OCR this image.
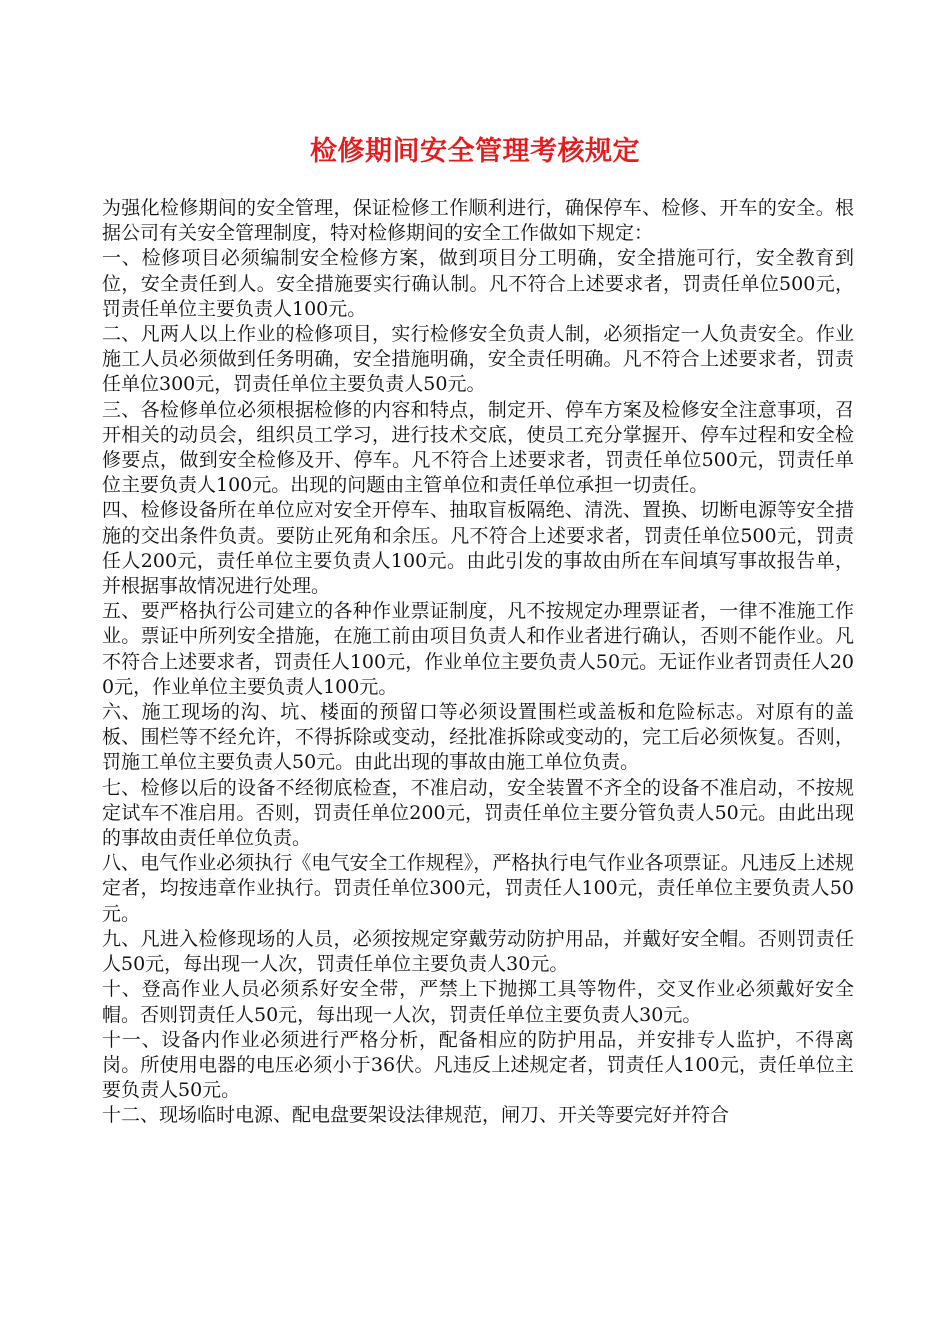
检修期间安全管理考核规定

为强化检修期间的安全管理，保证检修工作顺利进行，确保停车、检修、开车的安全。根据公司有关安全管理制度，特对检修期间的安全工作做如下规定：

一、检修项目必须编制安全检修方案，做到项目分工明确，安全措施可行，安全教育到位，安全责任到人。安全措施要实行确认制。凡不符合上述要求者，罚责任单位500元，罚责任单位主要负责人100元。

二、凡两人以上作业的检修项目，实行检修安全负责人制，必须指定一人负责安全。作业施工人员必须做到任务明确，安全措施明确，安全责任明确。凡不符合上述要求者，罚责任单位300元，罚责任单位主要负责人50元。

三、各检修单位必须根据检修的内容和特点，制定开、停车方案及检修安全注意事项，召开相关的动员会，组织员工学习，进行技术交底，使员工充分掌握开、停车过程和安全检修要点，做到安全检修及开、停车。凡不符合上述要求者，罚责任单位500元，罚责任单位主要负责人100元。出现的问题由主管单位和责任单位承担一切责任。

四、检修设备所在单位应对安全开停车、抽取盲板隔绝、清洗、置换、切断电源等安全措施的交出条件负责。要防止死角和余压。凡不符合上述要求者，罚责任单位500元，罚责任人200元，责任单位主要负责人100元。由此引发的事故由所在车间填写事故报告单，并根据事故情况进行处理。

五、要严格执行公司建立的各种作业票证制度，凡不按规定办理票证者，一律不准施工作业。票证中所列安全措施，在施工前由项目负责人和作业者进行确认，否则不能作业。凡不符合上述要求者，罚责任人100元，作业单位主要负责人50元。无证作业者罚责任人200元，作业单位主要负责人100元。

六、施工现场的沟、坑、楼面的预留口等必须设置围栏或盖板和危险标志。对原有的盖板、围栏等不经允许，不得拆除或变动，经批准拆除或变动的，完工后必须恢复。否则，罚施工单位主要负责人50元。由此出现的事故由施工单位负责。

七、检修以后的设备不经彻底检查，不准启动，安全装置不齐全的设备不准启动，不按规定试车不准启用。否则，罚责任单位200元，罚责任单位主要分管负责人50元。由此出现的事故由责任单位负责。

八、电气作业必须执行《电气安全工作规程》，严格执行电气作业各项票证。凡违反上述规定者，均按违章作业执行。罚责任单位300元，罚责任人100元，责任单位主要负责人50元。

九、凡进入检修现场的人员，必须按规定穿戴劳动防护用品，并戴好安全帽。否则罚责任人50元，每出现一人次，罚责任单位主要负责人30元。

十、登高作业人员必须系好安全带，严禁上下抛掷工具等物件，交叉作业必须戴好安全帽。否则罚责任人50元，每出现一人次，罚责任单位主要负责人30元。

十一、设备内作业必须进行严格分析，配备相应的防护用品，并安排专人监护，不得离岗。所使用电器的电压必须小于36伏。凡违反上述规定者，罚责任人100元，责任单位主要负责人50元。

十二、现场临时电源、配电盘要架设法律规范，闸刀、开关等要完好并符合
